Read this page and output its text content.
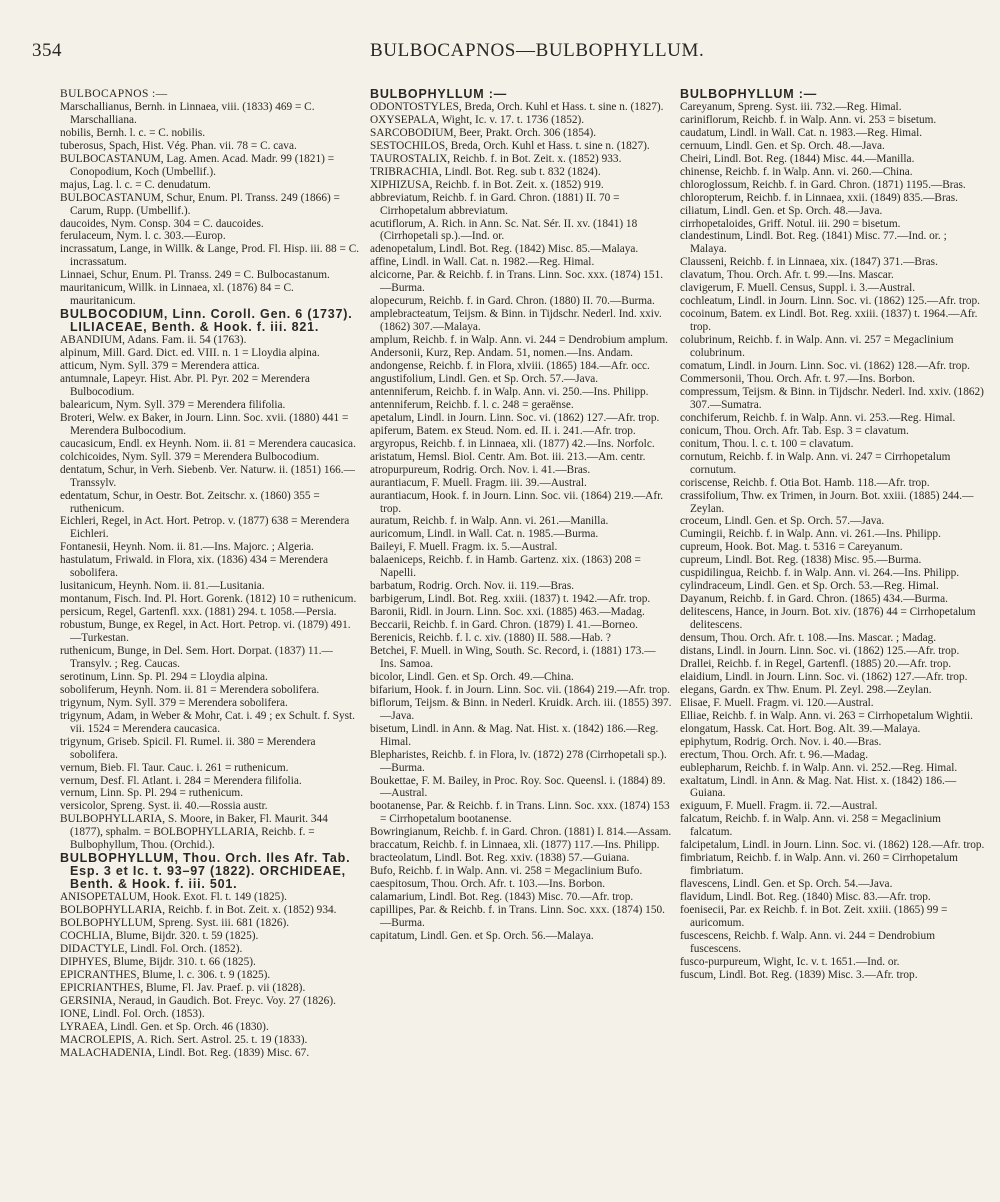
354	BULBOCAPNOS—BULBOPHYLLUM.
BULBOCAPNOS :—
Marschallianus, Bernh. in Linnaea, viii. (1833) 469 = C. Marschalliana.
nobilis, Bernh. l. c. = C. nobilis.
tuberosus, Spach, Hist. Vég. Phan. vii. 78 = C. cava.
BULBOCASTANUM, Lag. Amen. Acad. Madr. 99 (1821) = Conopodium, Koch (Umbellif.).
majus, Lag. l. c. = C. denudatum.
BULBOCASTANUM, Schur, Enum. Pl. Transs. 249 (1866) = Carum, Rupp. (Umbellif.).
daucoides, Nym. Consp. 304 = C. daucoides.
ferulaceum, Nym. l. c. 303.—Europ.
incrassatum, Lange, in Willk. & Lange, Prod. Fl. Hisp. iii. 88 = C. incrassatum.
Linnaei, Schur, Enum. Pl. Transs. 249 = C. Bulbocastanum.
mauritanicum, Willk. in Linnaea, xl. (1876) 84 = C. mauritanicum.
BULBOCODIUM, Linn. Coroll. Gen. 6 (1737). LILIACEAE, Benth. & Hook. f. iii. 821.
ABANDIUM, Adans. Fam. ii. 54 (1763).
alpinum, Mill. Gard. Dict. ed. VIII. n. 1 = Lloydia alpina.
atticum, Nym. Syll. 379 = Merendera attica.
antumnale, Lapeyr. Hist. Abr. Pl. Pyr. 202 = Merendera Bulbocodium.
balearicum, Nym. Syll. 379 = Merendera filifolia.
Broteri, Welw. ex Baker, in Journ. Linn. Soc. xvii. (1880) 441 = Merendera Bulbocodium.
caucasicum, Endl. ex Heynh. Nom. ii. 81 = Merendera caucasica.
colchicoides, Nym. Syll. 379 = Merendera Bulbocodium.
dentatum, Schur, in Verh. Siebenb. Ver. Naturw. ii. (1851) 166.—Transsylv.
edentatum, Schur, in Oestr. Bot. Zeitschr. x. (1860) 355 = ruthenicum.
Eichleri, Regel, in Act. Hort. Petrop. v. (1877) 638 = Merendera Eichleri.
Fontanesii, Heynh. Nom. ii. 81.—Ins. Majorc. ; Algeria.
hastulatum, Friwald. in Flora, xix. (1836) 434 = Merendera sobolifera.
lusitanicum, Heynh. Nom. ii. 81.—Lusitania.
montanum, Fisch. Ind. Pl. Hort. Gorenk. (1812) 10 = ruthenicum.
persicum, Regel, Gartenfl. xxx. (1881) 294. t. 1058.—Persia.
robustum, Bunge, ex Regel, in Act. Hort. Petrop. vi. (1879) 491.—Turkestan.
ruthenicum, Bunge, in Del. Sem. Hort. Dorpat. (1837) 11.—Transylv. ; Reg. Caucas.
serotinum, Linn. Sp. Pl. 294 = Lloydia alpina.
soboliferum, Heynh. Nom. ii. 81 = Merendera sobolifera.
trigynum, Nym. Syll. 379 = Merendera sobolifera.
trigynum, Adam, in Weber & Mohr, Cat. i. 49 ; ex Schult. f. Syst. vii. 1524 = Merendera caucasica.
trigynum, Griseb. Spicil. Fl. Rumel. ii. 380 = Merendera sobolifera.
vernum, Bieb. Fl. Taur. Cauc. i. 261 = ruthenicum.
vernum, Desf. Fl. Atlant. i. 284 = Merendera filifolia.
vernum, Linn. Sp. Pl. 294 = ruthenicum.
versicolor, Spreng. Syst. ii. 40.—Rossia austr.
BULBOPHYLLARIA, S. Moore, in Baker, Fl. Maurit. 344 (1877), sphalm. = BOLBOPHYLLARIA, Reichb. f. = Bulbophyllum, Thou. (Orchid.).
BULBOPHYLLUM, Thou. Orch. Iles Afr. Tab. Esp. 3 et Ic. t. 93–97 (1822). ORCHIDEAE, Benth. & Hook. f. iii. 501.
ANISOPETALUM, Hook. Exot. Fl. t. 149 (1825).
BOLBOPHYLLARIA, Reichb. f. in Bot. Zeit. x. (1852) 934.
BOLBOPHYLLUM, Spreng. Syst. iii. 681 (1826).
COCHLIA, Blume, Bijdr. 320. t. 59 (1825).
DIDACTYLE, Lindl. Fol. Orch. (1852).
DIPHYES, Blume, Bijdr. 310. t. 66 (1825).
EPICRANTHES, Blume, l. c. 306. t. 9 (1825).
EPICRIANTHES, Blume, Fl. Jav. Praef. p. vii (1828).
GERSINIA, Neraud, in Gaudich. Bot. Freyc. Voy. 27 (1826).
IONE, Lindl. Fol. Orch. (1853).
LYRAEA, Lindl. Gen. et Sp. Orch. 46 (1830).
MACROLEPIS, A. Rich. Sert. Astrol. 25. t. 19 (1833).
MALACHADENIA, Lindl. Bot. Reg. (1839) Misc. 67.
BULBOPHYLLUM :—
ODONTOSTYLES, Breda, Orch. Kuhl et Hass. t. sine n. (1827).
OXYSEPALA, Wight, Ic. v. 17. t. 1736 (1852).
SARCOBODIUM, Beer, Prakt. Orch. 306 (1854).
SESTOCHILOS, Breda, Orch. Kuhl et Hass. t. sine n. (1827).
TAUROSTALIX, Reichb. f. in Bot. Zeit. x. (1852) 933.
TRIBRACHIA, Lindl. Bot. Reg. sub t. 832 (1824).
XIPHIZUSA, Reichb. f. in Bot. Zeit. x. (1852) 919.
abbreviatum, Reichb. f. in Gard. Chron. (1881) II. 70 = Cirrhopetalum abbreviatum.
acutiflorum, A. Rich. in Ann. Sc. Nat. Sér. II. xv. (1841) 18 (Cirrhopetali sp.).—Ind. or.
adenopetalum, Lindl. Bot. Reg. (1842) Misc. 85.—Malaya.
affine, Lindl. in Wall. Cat. n. 1982.—Reg. Himal.
alcicorne, Par. & Reichb. f. in Trans. Linn. Soc. xxx. (1874) 151.—Burma.
alopecurum, Reichb. f. in Gard. Chron. (1880) II. 70.—Burma.
amplebracteatum, Teijsm. & Binn. in Tijdschr. Nederl. Ind. xxiv. (1862) 307.—Malaya.
amplum, Reichb. f. in Walp. Ann. vi. 244 = Dendrobium amplum.
Andersonii, Kurz, Rep. Andam. 51, nomen.—Ins. Andam.
andongense, Reichb. f. in Flora, xlviii. (1865) 184.—Afr. occ.
angustifolium, Lindl. Gen. et Sp. Orch. 57.—Java.
antenniferum, Reichb. f. in Walp. Ann. vi. 250.—Ins. Philipp.
antenniferum, Reichb. f. l. c. 248 = geraënse.
apetalum, Lindl. in Journ. Linn. Soc. vi. (1862) 127.—Afr. trop.
apiferum, Batem. ex Steud. Nom. ed. II. i. 241.—Afr. trop.
argyropus, Reichb. f. in Linnaea, xli. (1877) 42.—Ins. Norfolc.
aristatum, Hemsl. Biol. Centr. Am. Bot. iii. 213.—Am. centr.
atropurpureum, Rodrig. Orch. Nov. i. 41.—Bras.
aurantiacum, F. Muell. Fragm. iii. 39.—Austral.
aurantiacum, Hook. f. in Journ. Linn. Soc. vii. (1864) 219.—Afr. trop.
auratum, Reichb. f. in Walp. Ann. vi. 261.—Manilla.
auricomum, Lindl. in Wall. Cat. n. 1985.—Burma.
Baileyi, F. Muell. Fragm. ix. 5.—Austral.
balaeniceps, Reichb. f. in Hamb. Gartenz. xix. (1863) 208 = Napelli.
barbatum, Rodrig. Orch. Nov. ii. 119.—Bras.
barbigerum, Lindl. Bot. Reg. xxiii. (1837) t. 1942.—Afr. trop.
Baronii, Ridl. in Journ. Linn. Soc. xxi. (1885) 463.—Madag.
Beccarii, Reichb. f. in Gard. Chron. (1879) I. 41.—Borneo.
Berenicis, Reichb. f. l. c. xiv. (1880) II. 588.—Hab. ?
Betchei, F. Muell. in Wing, South. Sc. Record, i. (1881) 173.—Ins. Samoa.
bicolor, Lindl. Gen. et Sp. Orch. 49.—China.
bifarium, Hook. f. in Journ. Linn. Soc. vii. (1864) 219.—Afr. trop.
biflorum, Teijsm. & Binn. in Nederl. Kruidk. Arch. iii. (1855) 397.—Java.
bisetum, Lindl. in Ann. & Mag. Nat. Hist. x. (1842) 186.—Reg. Himal.
Blepharistes, Reichb. f. in Flora, lv. (1872) 278 (Cirrhopetali sp.).—Burma.
Boukettae, F. M. Bailey, in Proc. Roy. Soc. Queensl. i. (1884) 89.—Austral.
bootanense, Par. & Reichb. f. in Trans. Linn. Soc. xxx. (1874) 153 = Cirrhopetalum bootanense.
Bowringianum, Reichb. f. in Gard. Chron. (1881) I. 814.—Assam.
braccatum, Reichb. f. in Linnaea, xli. (1877) 117.—Ins. Philipp.
bracteolatum, Lindl. Bot. Reg. xxiv. (1838) 57.—Guiana.
Bufo, Reichb. f. in Walp. Ann. vi. 258 = Megaclinium Bufo.
caespitosum, Thou. Orch. Afr. t. 103.—Ins. Borbon.
calamarium, Lindl. Bot. Reg. (1843) Misc. 70.—Afr. trop.
capillipes, Par. & Reichb. f. in Trans. Linn. Soc. xxx. (1874) 150.—Burma.
capitatum, Lindl. Gen. et Sp. Orch. 56.—Malaya.
BULBOPHYLLUM :—
Careyanum, Spreng. Syst. iii. 732.—Reg. Himal.
cariniflorum, Reichb. f. in Walp. Ann. vi. 253 = bisetum.
caudatum, Lindl. in Wall. Cat. n. 1983.—Reg. Himal.
cernuum, Lindl. Gen. et Sp. Orch. 48.—Java.
Cheiri, Lindl. Bot. Reg. (1844) Misc. 44.—Manilla.
chinense, Reichb. f. in Walp. Ann. vi. 260.—China.
chloroglossum, Reichb. f. in Gard. Chron. (1871) 1195.—Bras.
chloropterum, Reichb. f. in Linnaea, xxii. (1849) 835.—Bras.
ciliatum, Lindl. Gen. et Sp. Orch. 48.—Java.
cirrhopetaloides, Griff. Notul. iii. 290 = bisetum.
clandestinum, Lindl. Bot. Reg. (1841) Misc. 77.—Ind. or. ; Malaya.
Clausseni, Reichb. f. in Linnaea, xix. (1847) 371.—Bras.
clavatum, Thou. Orch. Afr. t. 99.—Ins. Mascar.
clavigerum, F. Muell. Census, Suppl. i. 3.—Austral.
cochleatum, Lindl. in Journ. Linn. Soc. vi. (1862) 125.—Afr. trop.
cocoinum, Batem. ex Lindl. Bot. Reg. xxiii. (1837) t. 1964.—Afr. trop.
colubrinum, Reichb. f. in Walp. Ann. vi. 257 = Megaclinium colubrinum.
comatum, Lindl. in Journ. Linn. Soc. vi. (1862) 128.—Afr. trop.
Commersonii, Thou. Orch. Afr. t. 97.—Ins. Borbon.
compressum, Teijsm. & Binn. in Tijdschr. Nederl. Ind. xxiv. (1862) 307.—Sumatra.
conchiferum, Reichb. f. in Walp. Ann. vi. 253.—Reg. Himal.
conicum, Thou. Orch. Afr. Tab. Esp. 3 = clavatum.
conitum, Thou. l. c. t. 100 = clavatum.
cornutum, Reichb. f. in Walp. Ann. vi. 247 = Cirrhopetalum cornutum.
coriscense, Reichb. f. Otia Bot. Hamb. 118.—Afr. trop.
crassifolium, Thw. ex Trimen, in Journ. Bot. xxiii. (1885) 244.—Zeylan.
croceum, Lindl. Gen. et Sp. Orch. 57.—Java.
Cumingii, Reichb. f. in Walp. Ann. vi. 261.—Ins. Philipp.
cupreum, Hook. Bot. Mag. t. 5316 = Careyanum.
cupreum, Lindl. Bot. Reg. (1838) Misc. 95.—Burma.
cuspidilingua, Reichb. f. in Walp. Ann. vi. 264.—Ins. Philipp.
cylindraceum, Lindl. Gen. et Sp. Orch. 53.—Reg. Himal.
Dayanum, Reichb. f. in Gard. Chron. (1865) 434.—Burma.
delitescens, Hance, in Journ. Bot. xiv. (1876) 44 = Cirrhopetalum delitescens.
densum, Thou. Orch. Afr. t. 108.—Ins. Mascar. ; Madag.
distans, Lindl. in Journ. Linn. Soc. vi. (1862) 125.—Afr. trop.
Drallei, Reichb. f. in Regel, Gartenfl. (1885) 20.—Afr. trop.
elaidium, Lindl. in Journ. Linn. Soc. vi. (1862) 127.—Afr. trop.
elegans, Gardn. ex Thw. Enum. Pl. Zeyl. 298.—Zeylan.
Elisae, F. Muell. Fragm. vi. 120.—Austral.
Elliae, Reichb. f. in Walp. Ann. vi. 263 = Cirrhopetalum Wightii.
elongatum, Hassk. Cat. Hort. Bog. Alt. 39.—Malaya.
epiphytum, Rodrig. Orch. Nov. i. 40.—Bras.
erectum, Thou. Orch. Afr. t. 96.—Madag.
eublepharum, Reichb. f. in Walp. Ann. vi. 252.—Reg. Himal.
exaltatum, Lindl. in Ann. & Mag. Nat. Hist. x. (1842) 186.—Guiana.
exiguum, F. Muell. Fragm. ii. 72.—Austral.
falcatum, Reichb. f. in Walp. Ann. vi. 258 = Megaclinium falcatum.
falcipetalum, Lindl. in Journ. Linn. Soc. vi. (1862) 128.—Afr. trop.
fimbriatum, Reichb. f. in Walp. Ann. vi. 260 = Cirrhopetalum fimbriatum.
flavescens, Lindl. Gen. et Sp. Orch. 54.—Java.
flavidum, Lindl. Bot. Reg. (1840) Misc. 83.—Afr. trop.
foenisecii, Par. ex Reichb. f. in Bot. Zeit. xxiii. (1865) 99 = auricomum.
fuscescens, Reichb. f. Walp. Ann. vi. 244 = Dendrobium fuscescens.
fusco-purpureum, Wight, Ic. v. t. 1651.—Ind. or.
fuscum, Lindl. Bot. Reg. (1839) Misc. 3.—Afr. trop.
